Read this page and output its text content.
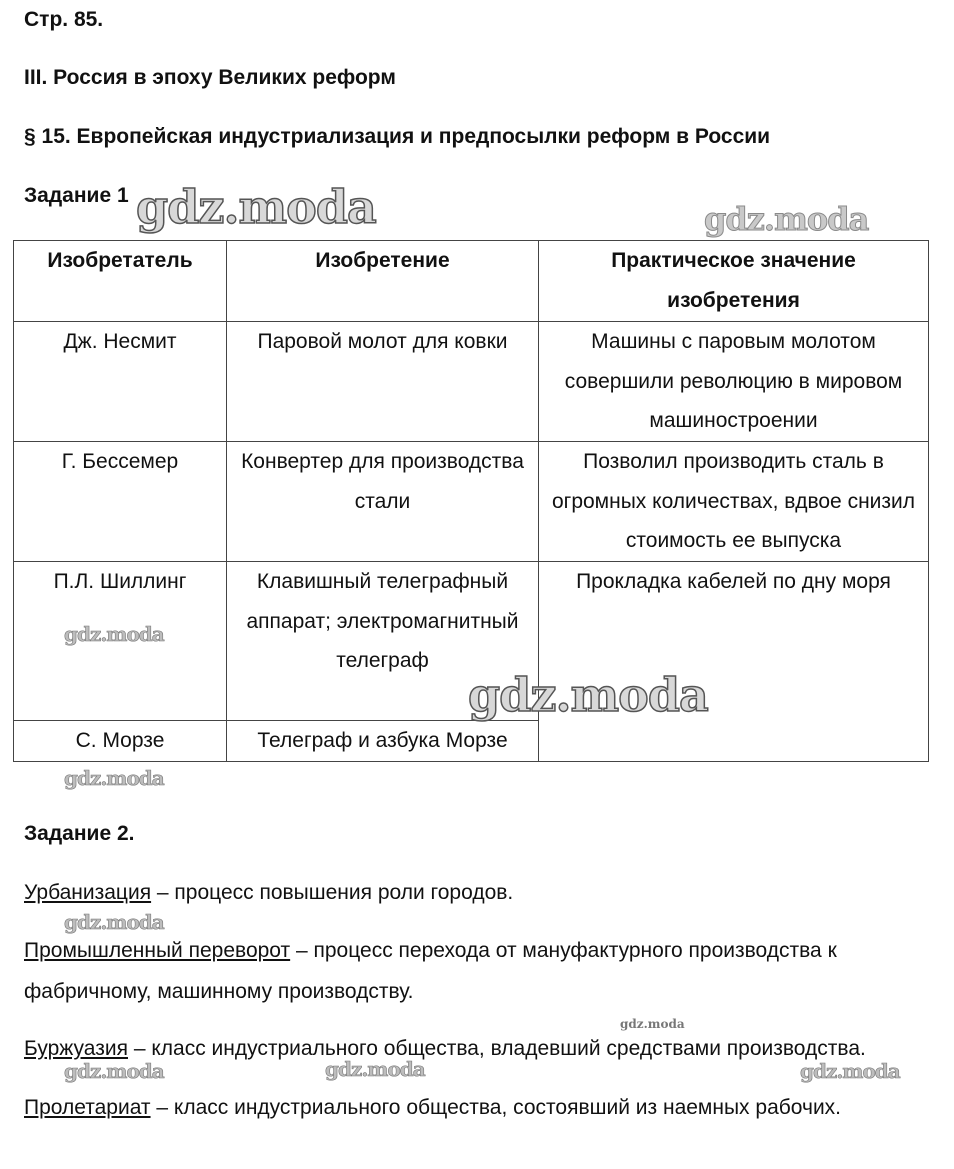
Стр. 85.

III. Россия в эпоху Великих реформ

§ 15. Европейская индустриализация и предпосылки реформ в России

Задание 1

Изобретатель	Изобретение	Практическое значение изобретения
Дж. Несмит	Паровой молот для ковки	Машины с паровым молотом совершили революцию в мировом машиностроении
Г. Бессемер	Конвертер для производства стали	Позволил производить сталь в огромных количествах, вдвое снизил стоимость ее выпуска
П.Л. Шиллинг	Клавишный телеграфный аппарат; электромагнитный телеграф	Прокладка кабелей по дну моря
С. Морзе	Телеграф и азбука Морзе	

Задание 2.

Урбанизация – процесс повышения роли городов.

Промышленный переворот – процесс перехода от мануфактурного производства к фабричному, машинному производству.

Буржуазия – класс индустриального общества, владевший средствами производства.

Пролетариат – класс индустриального общества, состоявший из наемных рабочих.

gdz.moda	gdz.moda
gdz.moda
gdz.moda
gdz.moda
gdz.moda
gdz.moda
gdz.moda	gdz.moda	gdz.moda
